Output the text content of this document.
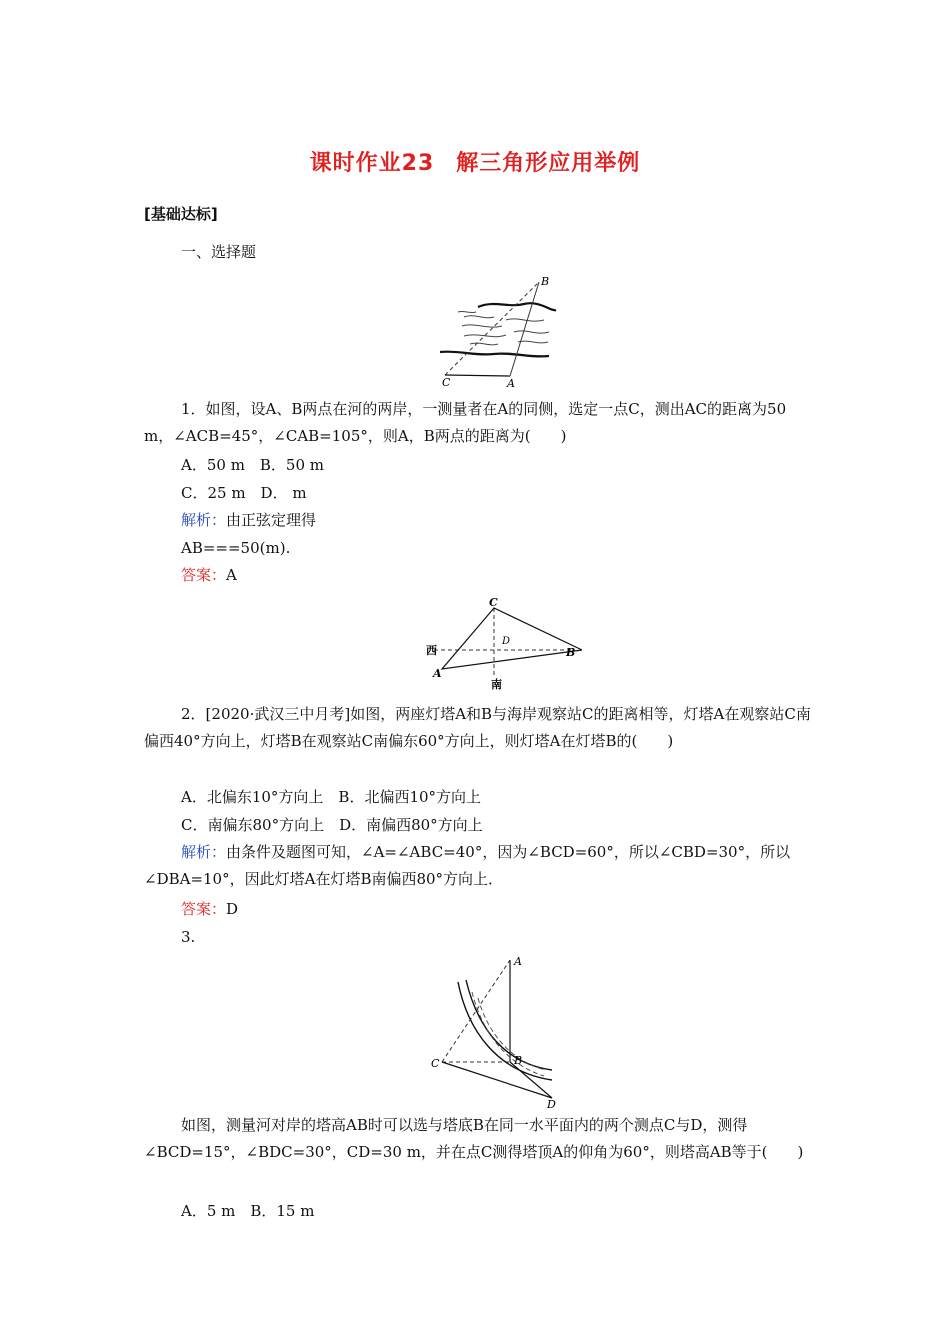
课时作业23 解三角形应用举例
[基础达标]
一、选择题
B
C	A
1．如图，设A、B两点在河的两岸，一测量者在A的同侧，选定一点C，测出AC的距离为50 m，∠ACB=45°，∠CAB=105°，则A，B两点的距离为(　　)
A．50 m　B．50 m
C．25 m　D． m
解析：由正弦定理得
AB===50(m).
答案：A
C
D
B
西
A
南
2．[2020·武汉三中月考]如图，两座灯塔A和B与海岸观察站C的距离相等，灯塔A在观察站C南偏西40°方向上，灯塔B在观察站C南偏东60°方向上，则灯塔A在灯塔B的(　　)
A．北偏东10°方向上　B．北偏西10°方向上
C．南偏东80°方向上　D．南偏西80°方向上
解析：由条件及题图可知，∠A=∠ABC=40°，因为∠BCD=60°，所以∠CBD=30°，所以∠DBA=10°，因此灯塔A在灯塔B南偏西80°方向上．
答案：D
3.
A
B
C
D
如图，测量河对岸的塔高AB时可以选与塔底B在同一水平面内的两个测点C与D，测得∠BCD=15°，∠BDC=30°，CD=30 m，并在点C测得塔顶A的仰角为60°，则塔高AB等于(　　)
A．5 m　B．15 m
